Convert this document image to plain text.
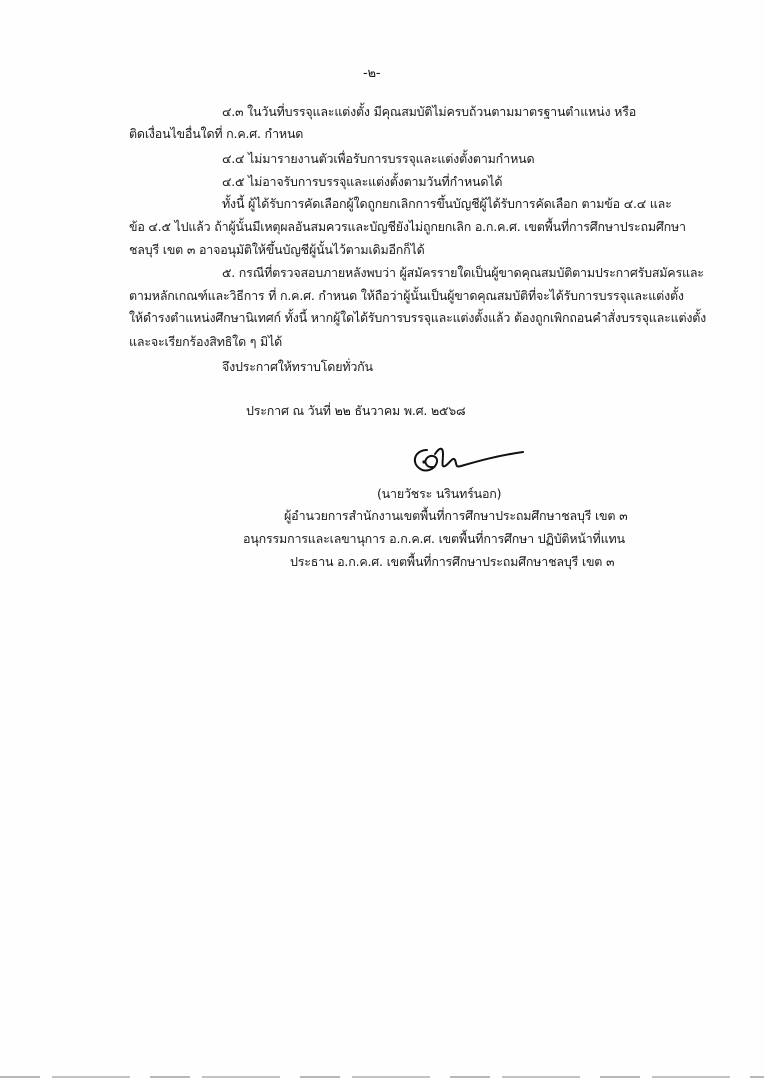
-๒-
๔.๓ ในวันที่บรรจุและแต่งตั้ง มีคุณสมบัติไม่ครบถ้วนตามมาตรฐานตำแหน่ง หรือ
ติดเงื่อนไขอื่นใดที่ ก.ค.ศ. กำหนด
๔.๔ ไม่มารายงานตัวเพื่อรับการบรรจุและแต่งตั้งตามกำหนด
๔.๕ ไม่อาจรับการบรรจุและแต่งตั้งตามวันที่กำหนดได้
ทั้งนี้ ผู้ได้รับการคัดเลือกผู้ใดถูกยกเลิกการขึ้นบัญชีผู้ได้รับการคัดเลือก ตามข้อ ๔.๔ และ
ข้อ ๔.๕ ไปแล้ว ถ้าผู้นั้นมีเหตุผลอันสมควรและบัญชียังไม่ถูกยกเลิก อ.ก.ค.ศ. เขตพื้นที่การศึกษาประถมศึกษา
ชลบุรี เขต ๓ อาจอนุมัติให้ขึ้นบัญชีผู้นั้นไว้ตามเดิมอีกก็ได้
๕. กรณีที่ตรวจสอบภายหลังพบว่า ผู้สมัครรายใดเป็นผู้ขาดคุณสมบัติตามประกาศรับสมัครและ
ตามหลักเกณฑ์และวิธีการ ที่ ก.ค.ศ. กำหนด ให้ถือว่าผู้นั้นเป็นผู้ขาดคุณสมบัติที่จะได้รับการบรรจุและแต่งตั้ง
ให้ดำรงตำแหน่งศึกษานิเทศก์ ทั้งนี้ หากผู้ใดได้รับการบรรจุและแต่งตั้งแล้ว ต้องถูกเพิกถอนคำสั่งบรรจุและแต่งตั้ง
และจะเรียกร้องสิทธิใด ๆ มิได้
จึงประกาศให้ทราบโดยทั่วกัน
ประกาศ ณ วันที่ ๒๒ ธันวาคม พ.ศ. ๒๕๖๘
(นายวัชระ นรินทร์นอก)
ผู้อำนวยการสำนักงานเขตพื้นที่การศึกษาประถมศึกษาชลบุรี เขต ๓
อนุกรรมการและเลขานุการ อ.ก.ค.ศ. เขตพื้นที่การศึกษา ปฏิบัติหน้าที่แทน
ประธาน อ.ก.ค.ศ. เขตพื้นที่การศึกษาประถมศึกษาชลบุรี เขต ๓
